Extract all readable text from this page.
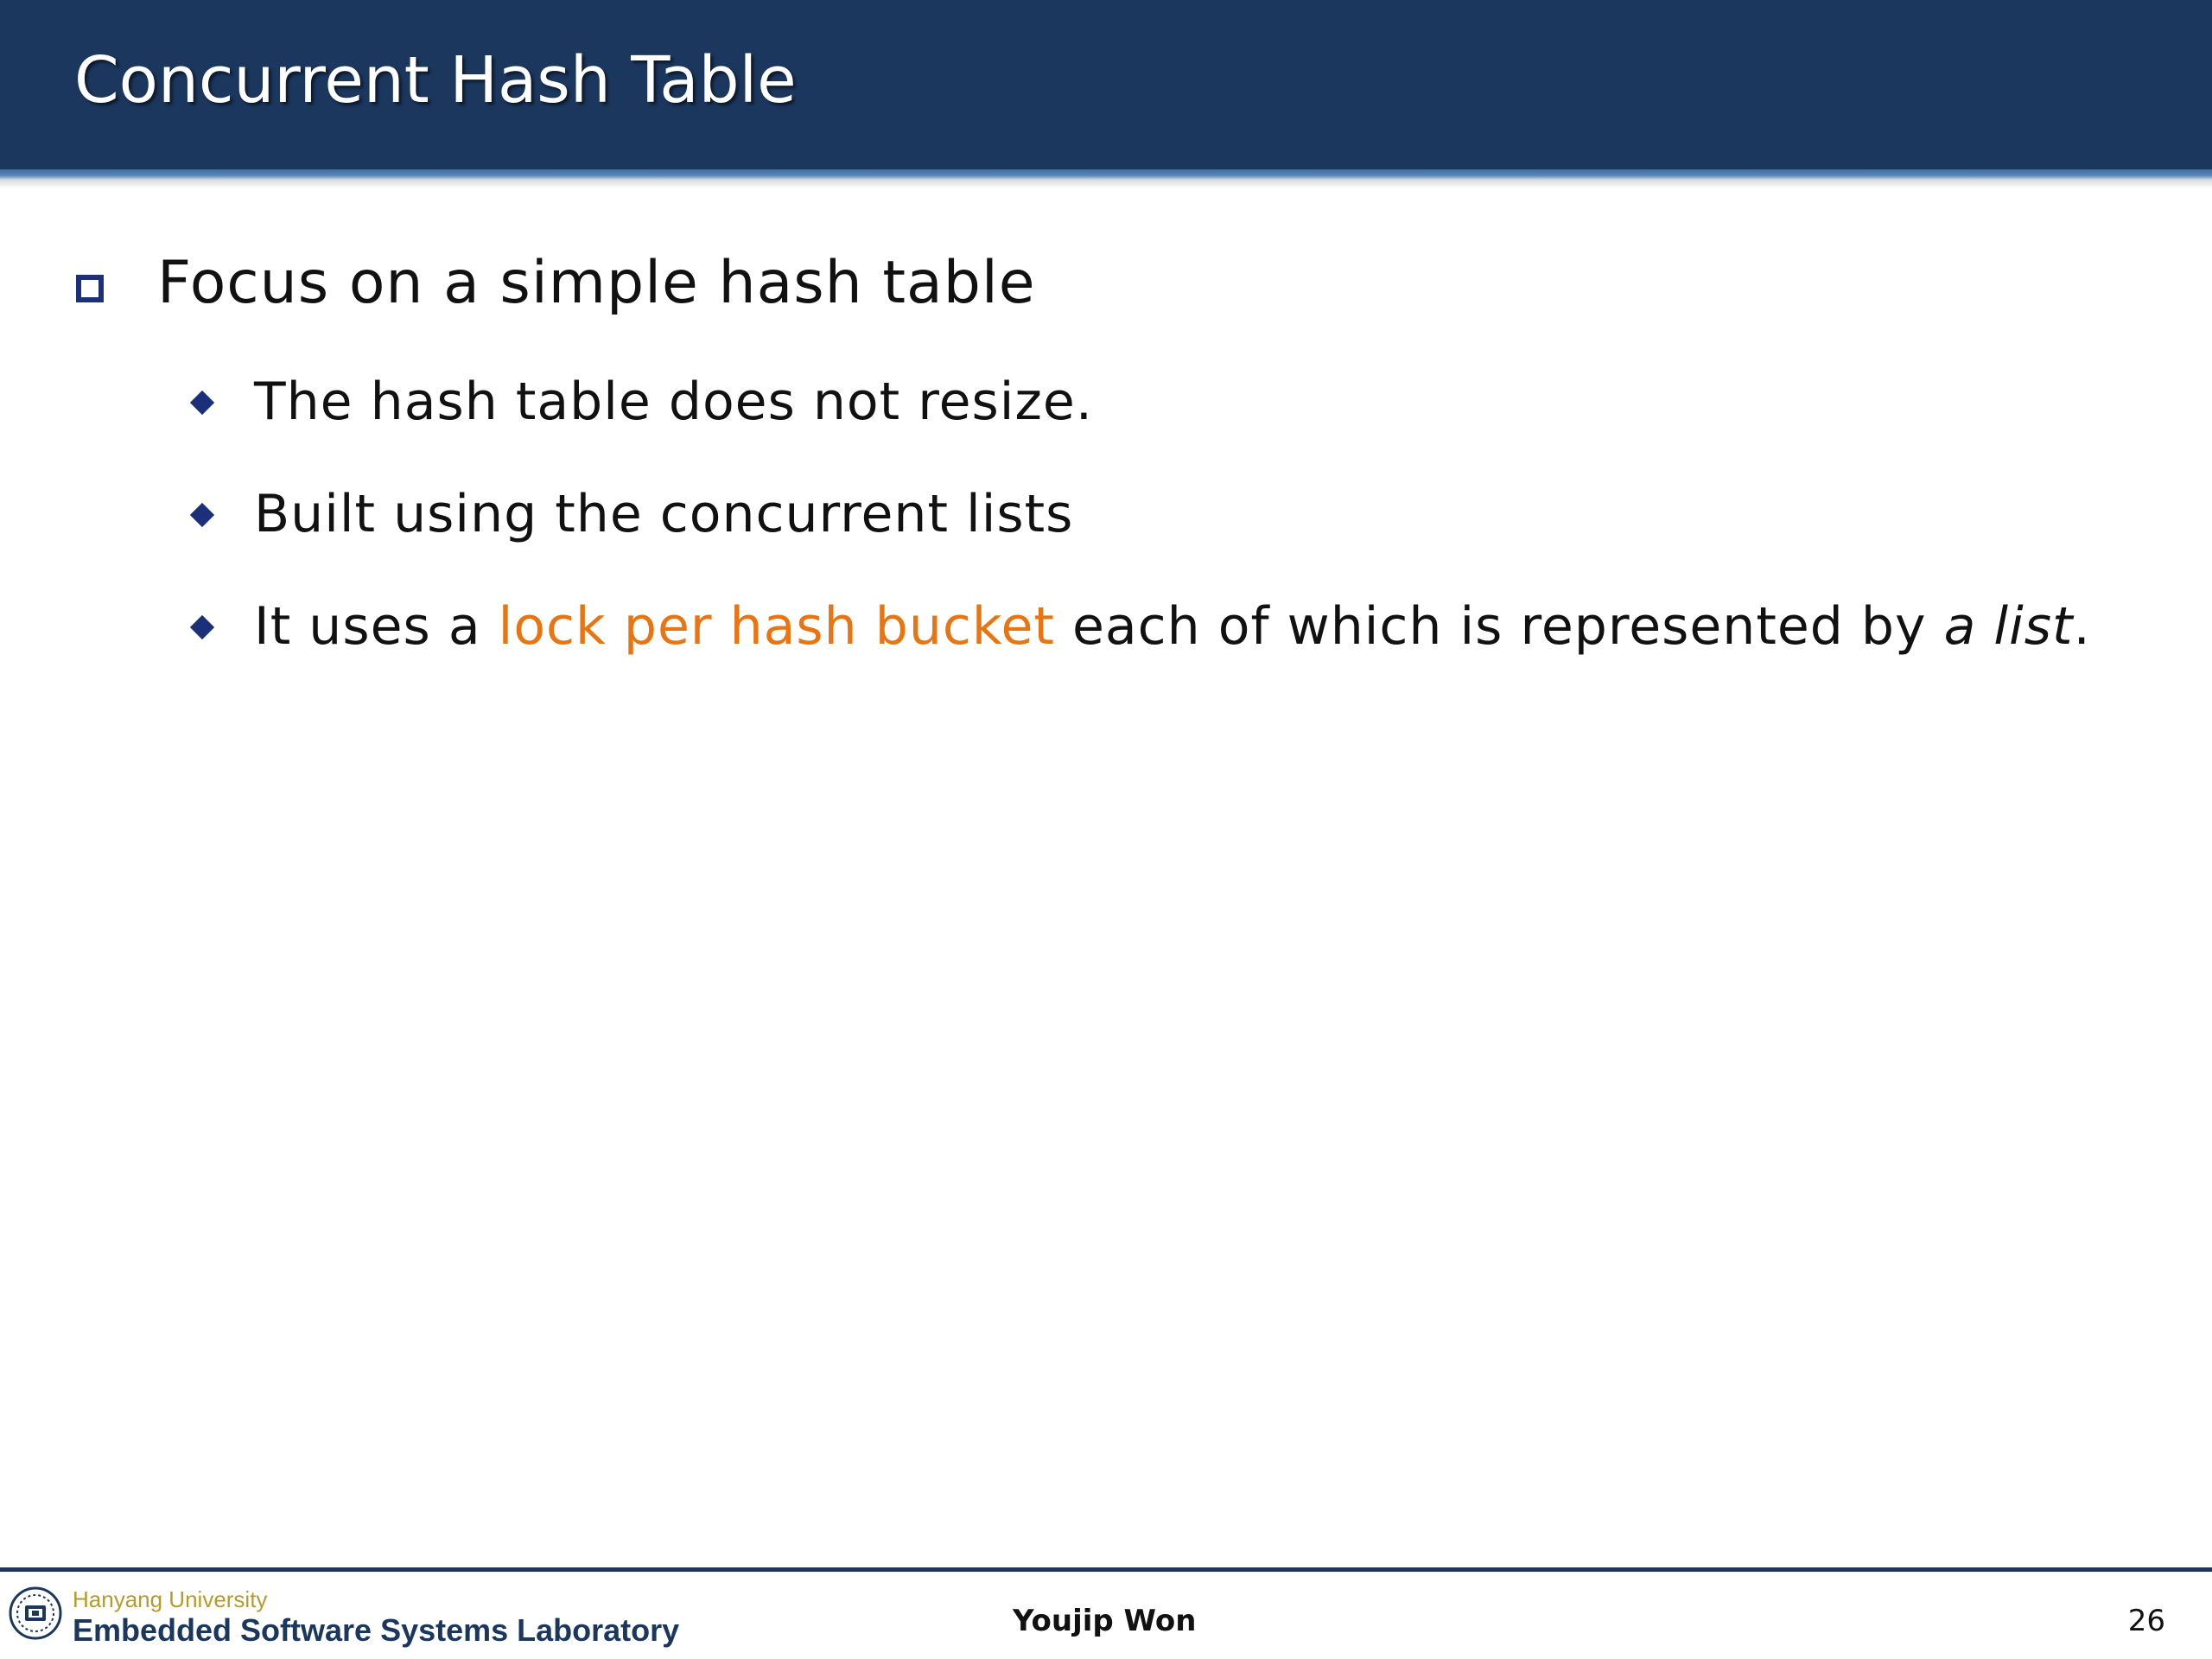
Concurrent Hash Table
Focus on a simple hash table
The hash table does not resize.
Built using the concurrent lists
It uses a lock per hash bucket each of which is represented by a list.
Hanyang University
Embedded Software Systems Laboratory	Youjip Won	26
